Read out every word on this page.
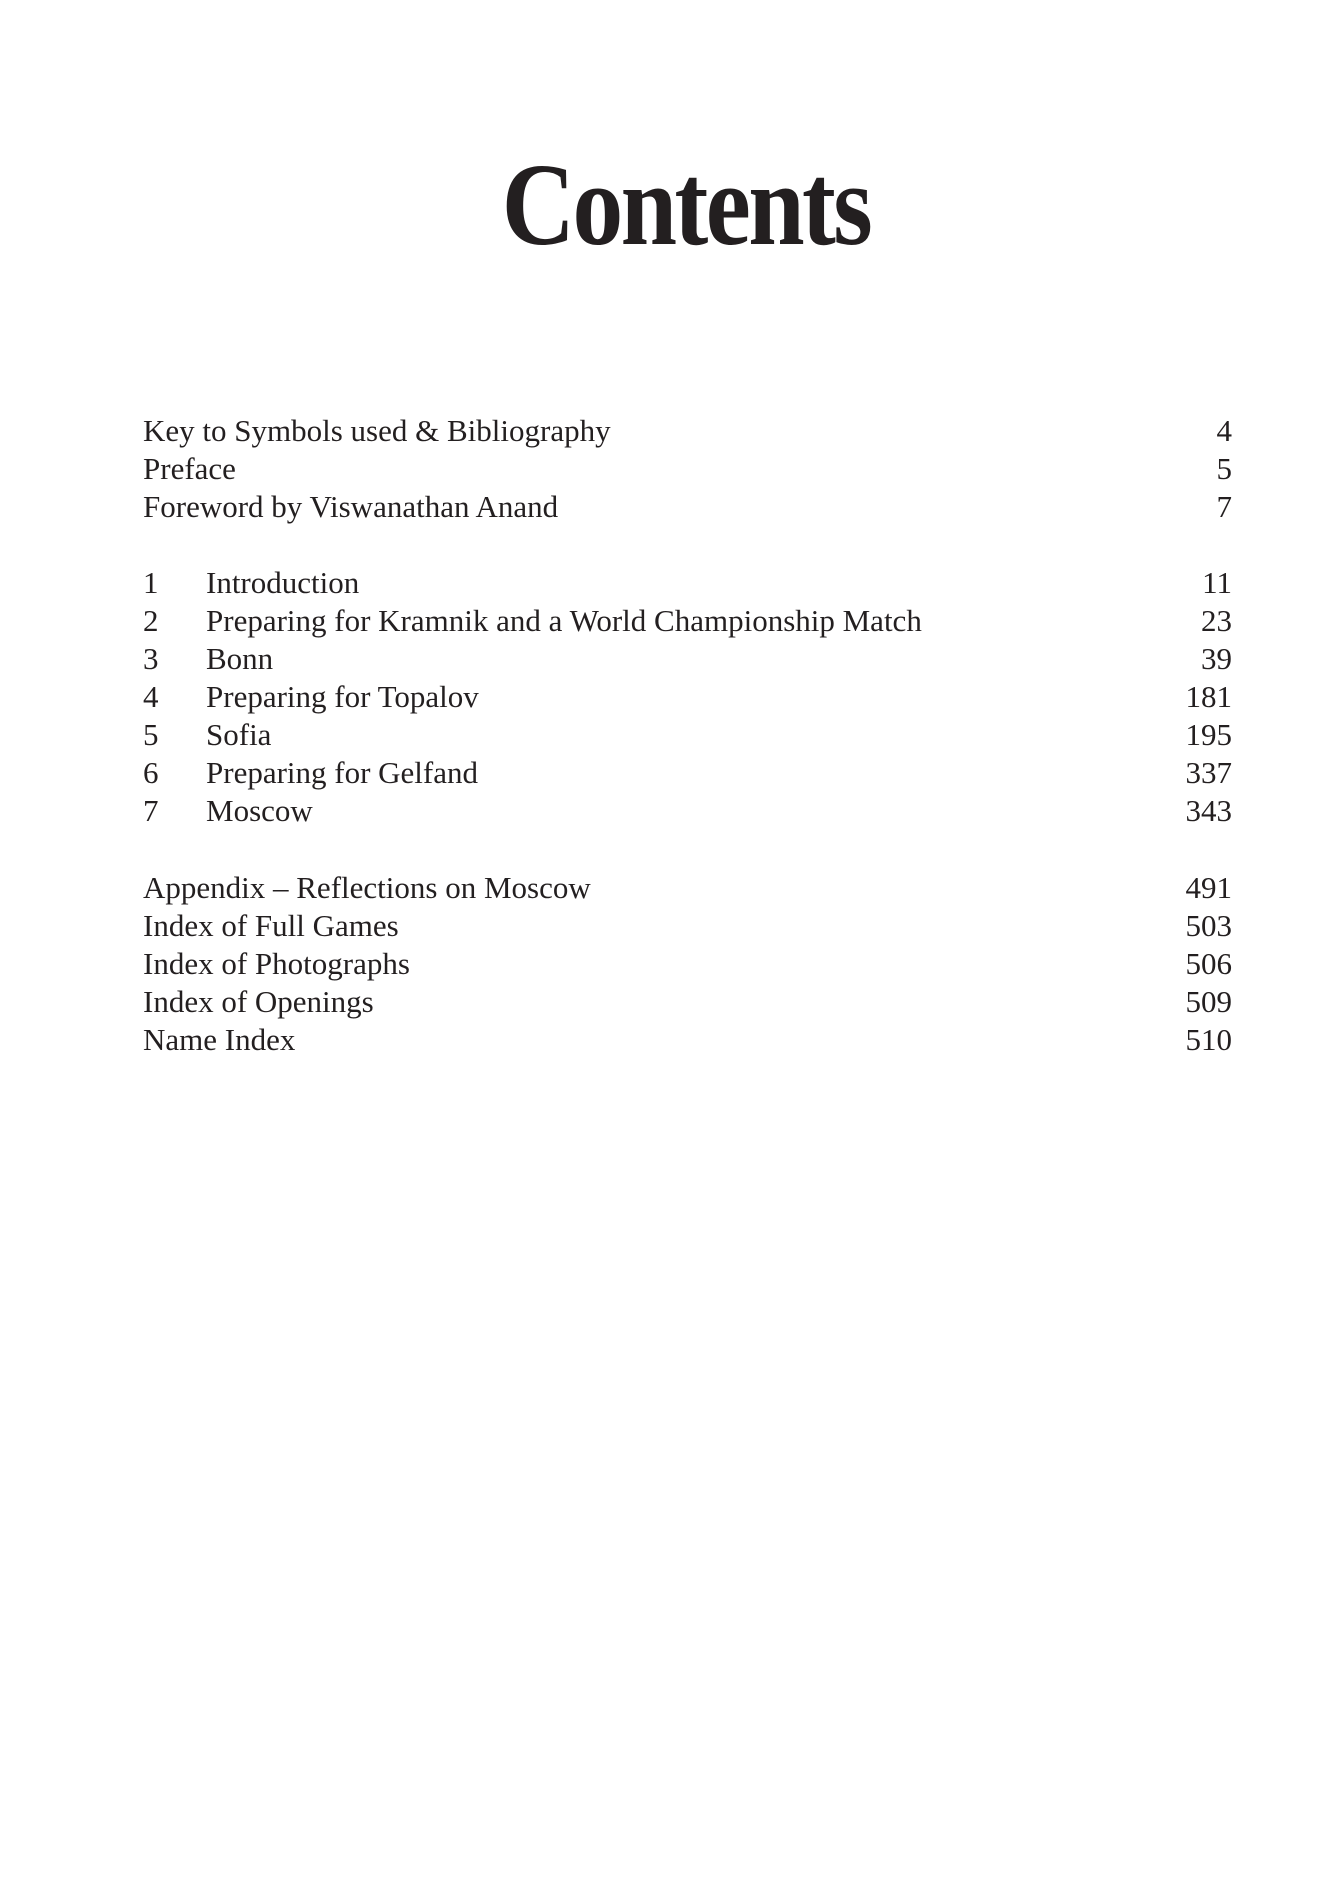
Contents
Key to Symbols used & Bibliography	4
Preface	5
Foreword by Viswanathan Anand	7
1	Introduction	11
2	Preparing for Kramnik and a World Championship Match	23
3	Bonn	39
4	Preparing for Topalov	181
5	Sofia	195
6	Preparing for Gelfand	337
7	Moscow	343
Appendix – Reflections on Moscow	491
Index of Full Games	503
Index of Photographs	506
Index of Openings	509
Name Index	510
